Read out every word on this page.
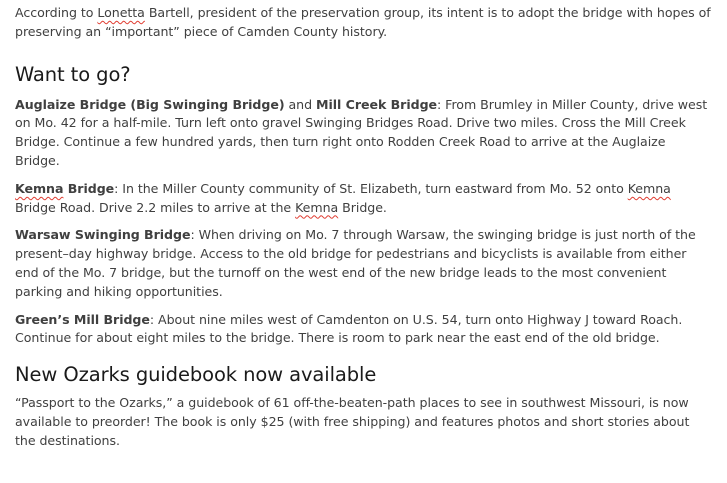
According to Lonetta Bartell, president of the preservation group, its intent is to adopt the bridge with hopes of preserving an “important” piece of Camden County history.

Want to go?

Auglaize Bridge (Big Swinging Bridge) and Mill Creek Bridge: From Brumley in Miller County, drive west on Mo. 42 for a half-mile. Turn left onto gravel Swinging Bridges Road. Drive two miles. Cross the Mill Creek Bridge. Continue a few hundred yards, then turn right onto Rodden Creek Road to arrive at the Auglaize Bridge.

Kemna Bridge: In the Miller County community of St. Elizabeth, turn eastward from Mo. 52 onto Kemna Bridge Road. Drive 2.2 miles to arrive at the Kemna Bridge.

Warsaw Swinging Bridge: When driving on Mo. 7 through Warsaw, the swinging bridge is just north of the present–day highway bridge. Access to the old bridge for pedestrians and bicyclists is available from either end of the Mo. 7 bridge, but the turnoff on the west end of the new bridge leads to the most convenient parking and hiking opportunities.

Green’s Mill Bridge: About nine miles west of Camdenton on U.S. 54, turn onto Highway J toward Roach. Continue for about eight miles to the bridge. There is room to park near the east end of the old bridge.

New Ozarks guidebook now available

“Passport to the Ozarks,” a guidebook of 61 off-the-beaten-path places to see in southwest Missouri, is now available to preorder! The book is only $25 (with free shipping) and features photos and short stories about the destinations.
